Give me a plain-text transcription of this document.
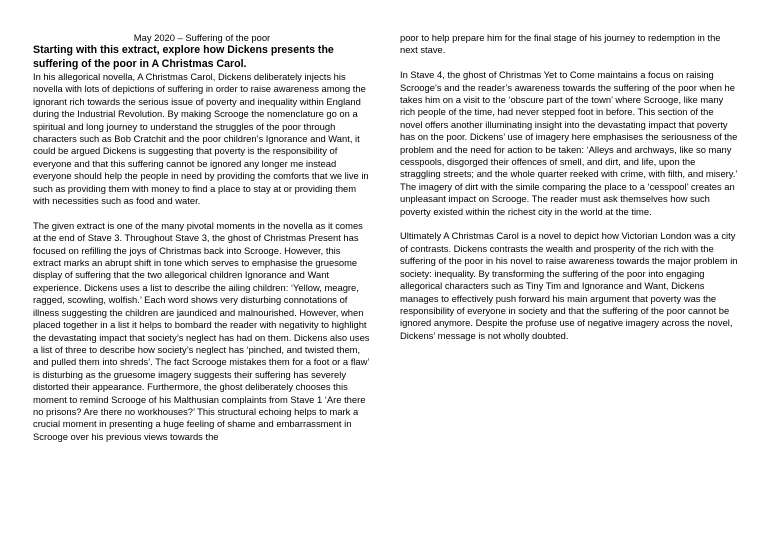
May 2020 – Suffering of the poor
Starting with this extract, explore how Dickens presents the suffering of the poor in A Christmas Carol.

In his allegorical novella, A Christmas Carol, Dickens deliberately injects his novella with lots of depictions of suffering in order to raise awareness among the ignorant rich towards the serious issue of poverty and inequality within England during the Industrial Revolution. By making Scrooge the nomenclature go on a spiritual and long journey to understand the struggles of the poor through characters such as Bob Cratchit and the poor children’s Ignorance and Want, it could be argued Dickens is suggesting that poverty is the responsibility of everyone and that this suffering cannot be ignored any longer me instead everyone should help the people in need by providing the comforts that we live in such as providing them with money to find a place to stay at or providing them with necessities such as food and water.

The given extract is one of the many pivotal moments in the novella as it comes at the end of Stave 3. Throughout Stave 3, the ghost of Christmas Present has focused on refilling the joys of Christmas back into Scrooge. However, this extract marks an abrupt shift in tone which serves to emphasise the gruesome display of suffering that the two allegorical children Ignorance and Want experience. Dickens uses a list to describe the ailing children: ‘Yellow, meagre, ragged, scowling, wolfish.’ Each word shows very disturbing connotations of illness suggesting the children are jaundiced and malnourished. However, when placed together in a list it helps to bombard the reader with negativity to highlight the devastating impact that society’s neglect has had on them. Dickens also uses a list of three to describe how society’s neglect has ‘pinched, and twisted them, and pulled them into shreds’. The fact Scrooge mistakes them for a foot or a flaw’ is disturbing as the gruesome imagery suggests their suffering has severely distorted their appearance. Furthermore, the ghost deliberately chooses this moment to remind Scrooge of his Malthusian complaints from Stave 1 ‘Are there no prisons? Are there no workhouses?’ This structural echoing helps to mark a crucial moment in presenting a huge feeling of shame and embarrassment in Scrooge over his previous views towards the

poor to help prepare him for the final stage of his journey to redemption in the next stave.

In Stave 4, the ghost of Christmas Yet to Come maintains a focus on raising Scrooge’s and the reader’s awareness towards the suffering of the poor when he takes him on a visit to the ‘obscure part of the town’ where Scrooge, like many rich people of the time, had never stepped foot in before. This section of the novel offers another illuminating insight into the devastating impact that poverty has on the poor. Dickens’ use of imagery here emphasises the seriousness of the problem and the need for action to be taken: ‘Alleys and archways, like so many cesspools, disgorged their offences of smell, and dirt, and life, upon the straggling streets; and the whole quarter reeked with crime, with filth, and misery.’ The imagery of dirt with the simile comparing the place to a ‘cesspool’ creates an unpleasant impact on Scrooge. The reader must ask themselves how such poverty existed within the richest city in the world at the time.

Ultimately A Christmas Carol is a novel to depict how Victorian London was a city of contrasts. Dickens contrasts the wealth and prosperity of the rich with the suffering of the poor in his novel to raise awareness towards the major problem in society: inequality. By transforming the suffering of the poor into engaging allegorical characters such as Tiny Tim and Ignorance and Want, Dickens manages to effectively push forward his main argument that poverty was the responsibility of everyone in society and that the suffering of the poor cannot be ignored anymore. Despite the profuse use of negative imagery across the novel, Dickens’ message is not wholly doubted.
